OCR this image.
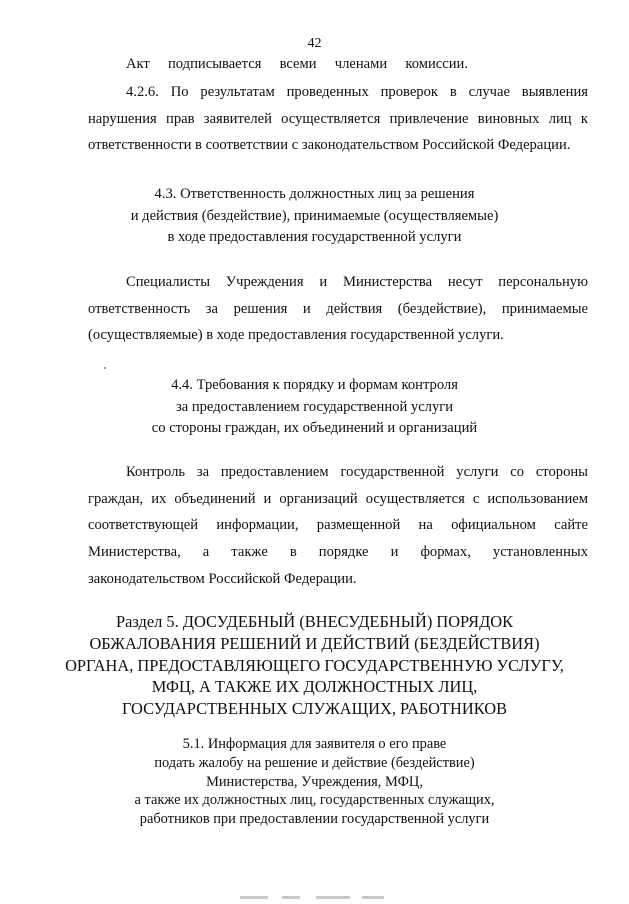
42
Акт подписывается всеми членами комиссии.
4.2.6. По результатам проведенных проверок в случае выявления
нарушения прав заявителей осуществляется привлечение виновных лиц к
ответственности в соответствии с законодательством Российской Федерации.
4.3. Ответственность должностных лиц за решения
и действия (бездействие), принимаемые (осуществляемые)
в ходе предоставления государственной услуги
Специалисты Учреждения и Министерства несут персональную
ответственность за решения и действия (бездействие), принимаемые
(осуществляемые) в ходе предоставления государственной услуги.
4.4. Требования к порядку и формам контроля
за предоставлением государственной услуги
со стороны граждан, их объединений и организаций
Контроль за предоставлением государственной услуги со стороны
граждан, их объединений и организаций осуществляется с использованием
соответствующей информации, размещенной на официальном сайте
Министерства, а также в порядке и формах, установленных
законодательством Российской Федерации.
Раздел 5. ДОСУДЕБНЫЙ (ВНЕСУДЕБНЫЙ) ПОРЯДОК
ОБЖАЛОВАНИЯ РЕШЕНИЙ И ДЕЙСТВИЙ (БЕЗДЕЙСТВИЯ)
ОРГАНА, ПРЕДОСТАВЛЯЮЩЕГО ГОСУДАРСТВЕННУЮ УСЛУГУ,
МФЦ, А ТАКЖЕ ИХ ДОЛЖНОСТНЫХ ЛИЦ,
ГОСУДАРСТВЕННЫХ СЛУЖАЩИХ, РАБОТНИКОВ
5.1. Информация для заявителя о его праве
подать жалобу на решение и действие (бездействие)
Министерства, Учреждения, МФЦ,
а также их должностных лиц, государственных служащих,
работников при предоставлении государственной услуги
